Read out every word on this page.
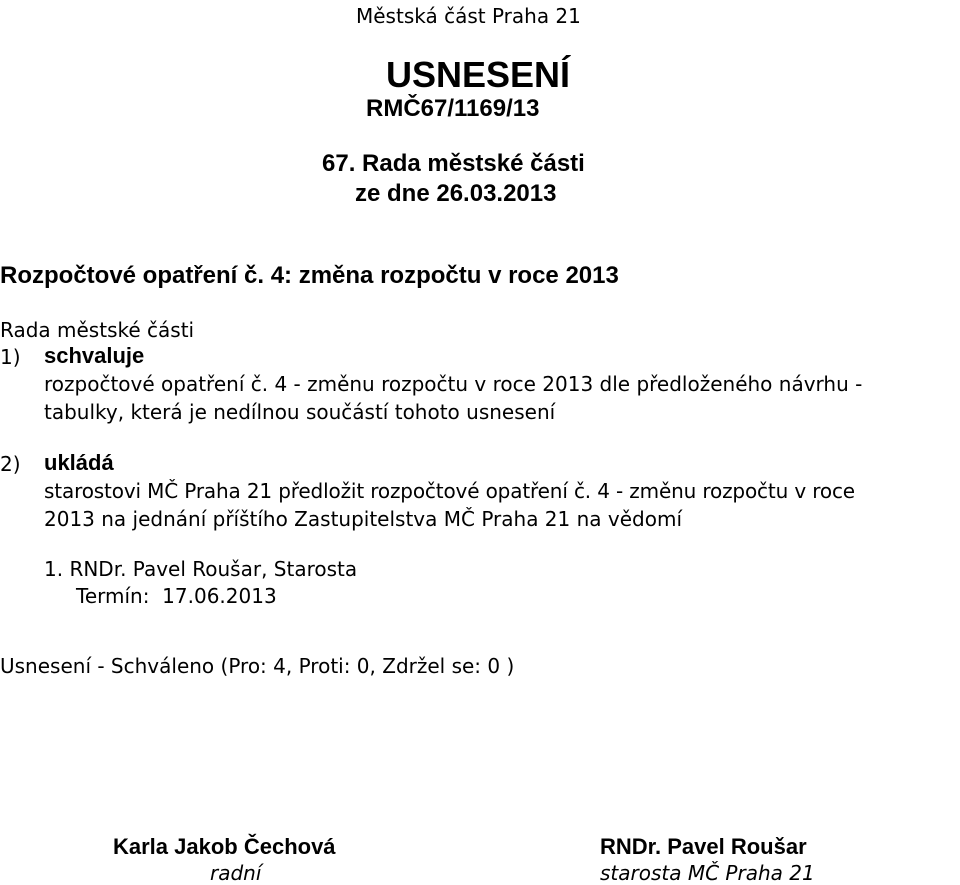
Městská část Praha 21
USNESENÍ
RMČ67/1169/13
67. Rada městské části
ze dne 26.03.2013
Rozpočtové opatření č. 4: změna rozpočtu v roce 2013
Rada městské části
1) schvaluje
rozpočtové opatření č. 4 - změnu rozpočtu v roce 2013 dle předloženého návrhu -
tabulky, která je nedílnou součástí tohoto usnesení
2) ukládá
starostovi MČ Praha 21 předložit rozpočtové opatření č. 4 - změnu rozpočtu v roce
2013 na jednání příštího Zastupitelstva MČ Praha 21 na vědomí
1. RNDr. Pavel Roušar, Starosta
Termín:  17.06.2013
Usnesení - Schváleno (Pro: 4, Proti: 0, Zdržel se: 0 )
Karla Jakob Čechová
radní
RNDr. Pavel Roušar
starosta MČ Praha 21
